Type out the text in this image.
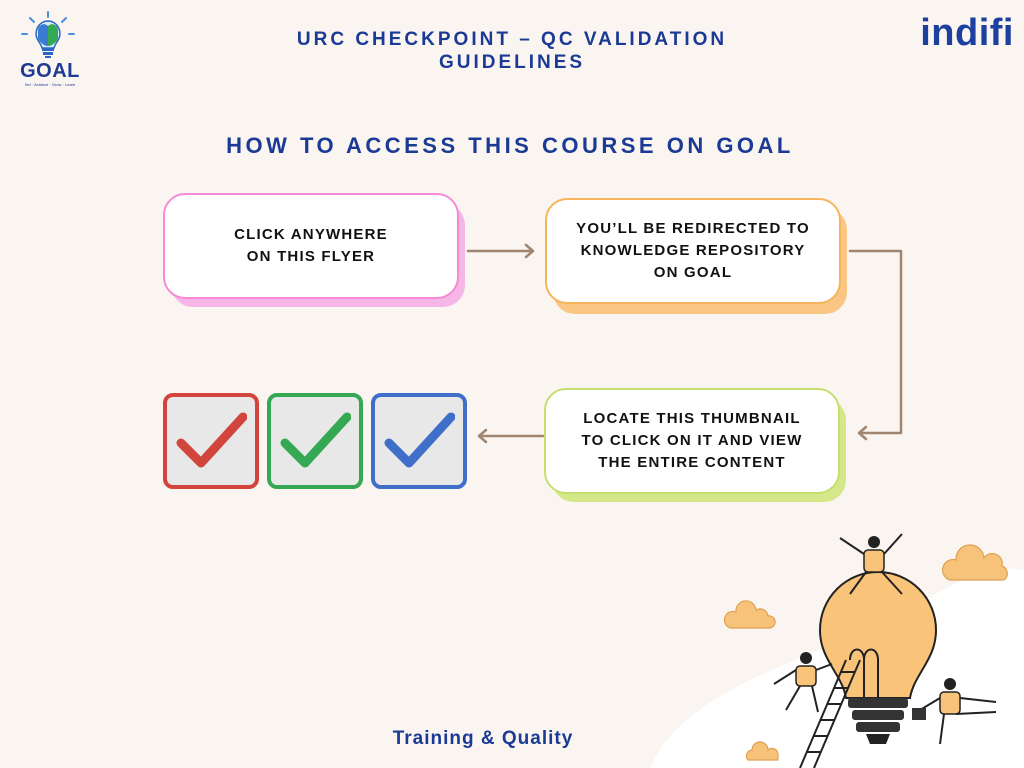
GOAL
Set · Achieve · Grow · Learn
indifi
URC CHECKPOINT – QC VALIDATION GUIDELINES
HOW TO ACCESS THIS COURSE ON GOAL
CLICK ANYWHERE
ON THIS FLYER
YOU’LL BE REDIRECTED TO
KNOWLEDGE REPOSITORY
ON GOAL
LOCATE THIS THUMBNAIL
TO CLICK ON IT AND VIEW
THE ENTIRE CONTENT
Training & Quality
